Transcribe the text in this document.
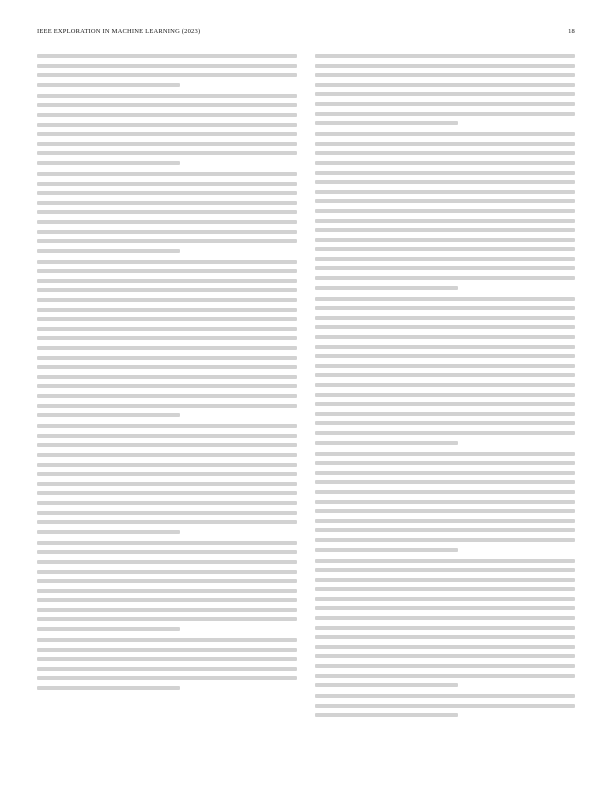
IEEE EXPLORATION IN MACHINE LEARNING (2023)	18
